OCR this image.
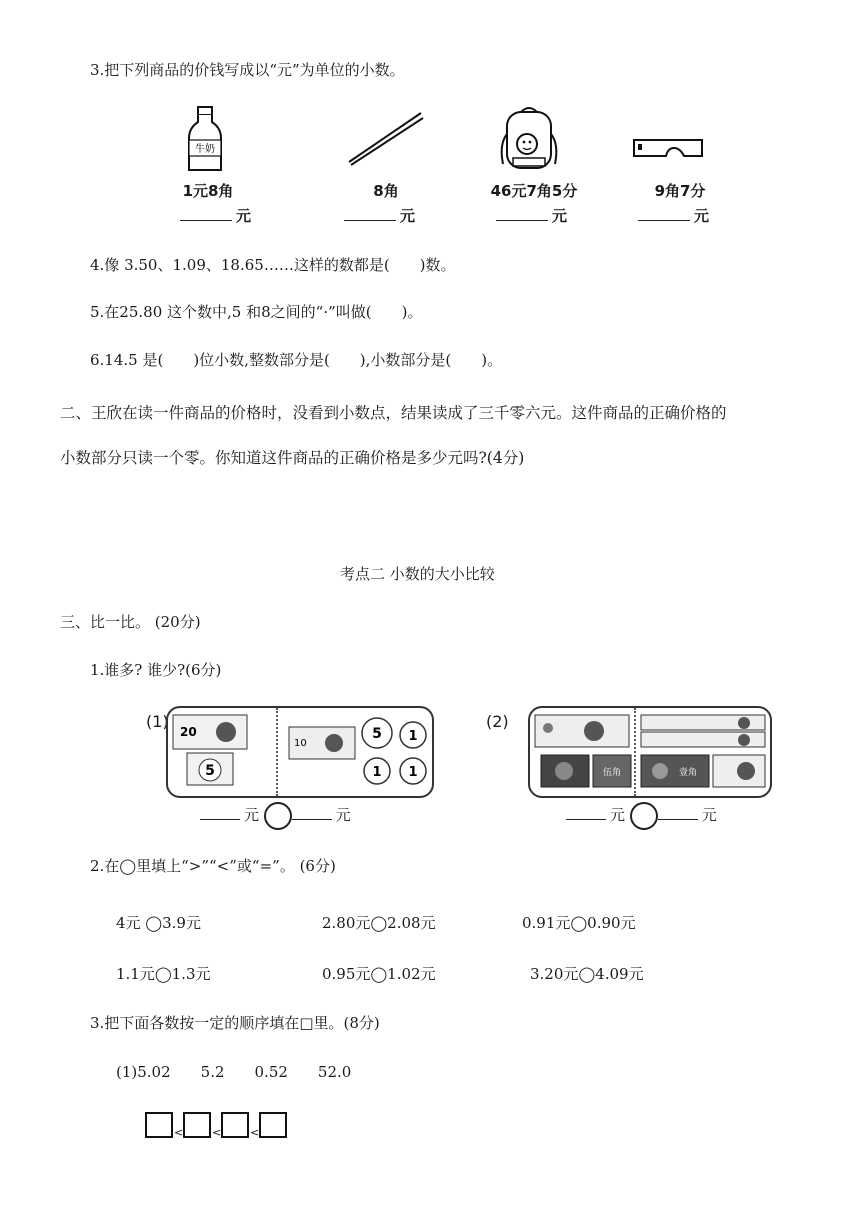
3.把下列商品的价钱写成以“元”为单位的小数。
牛奶
1元8角	8角	46元7角5分	9角7分
元	元	元	元
4.像 3.50、1.09、18.65……这样的数都是(　　)数。
5.在25.80 这个数中,5 和8之间的“·”叫做(　　)。
6.14.5 是(　　)位小数,整数部分是(　　),小数部分是(　　)。
二、王欣在读一件商品的价格时，没看到小数点，结果读成了三千零六元。这件商品的正确价格的
小数部分只读一个零。你知道这件商品的正确价格是多少元吗?(4分)
考点二 小数的大小比较
三、比一比。 (20分)
1.谁多? 谁少?(6分)
(1)
20
5
10
5 1
1 1
元	元
(2)
伍角	壹角
元	元
2.在◯里填上“>”“<”或“=”。 (6分)
4元 ◯3.9元	2.80元◯2.08元	0.91元◯0.90元
1.1元◯1.3元	0.95元◯1.02元	3.20元◯4.09元
3.把下面各数按一定的顺序填在□里。(8分)
(1)5.02　　5.2　　0.52　　52.0
<	<	<
